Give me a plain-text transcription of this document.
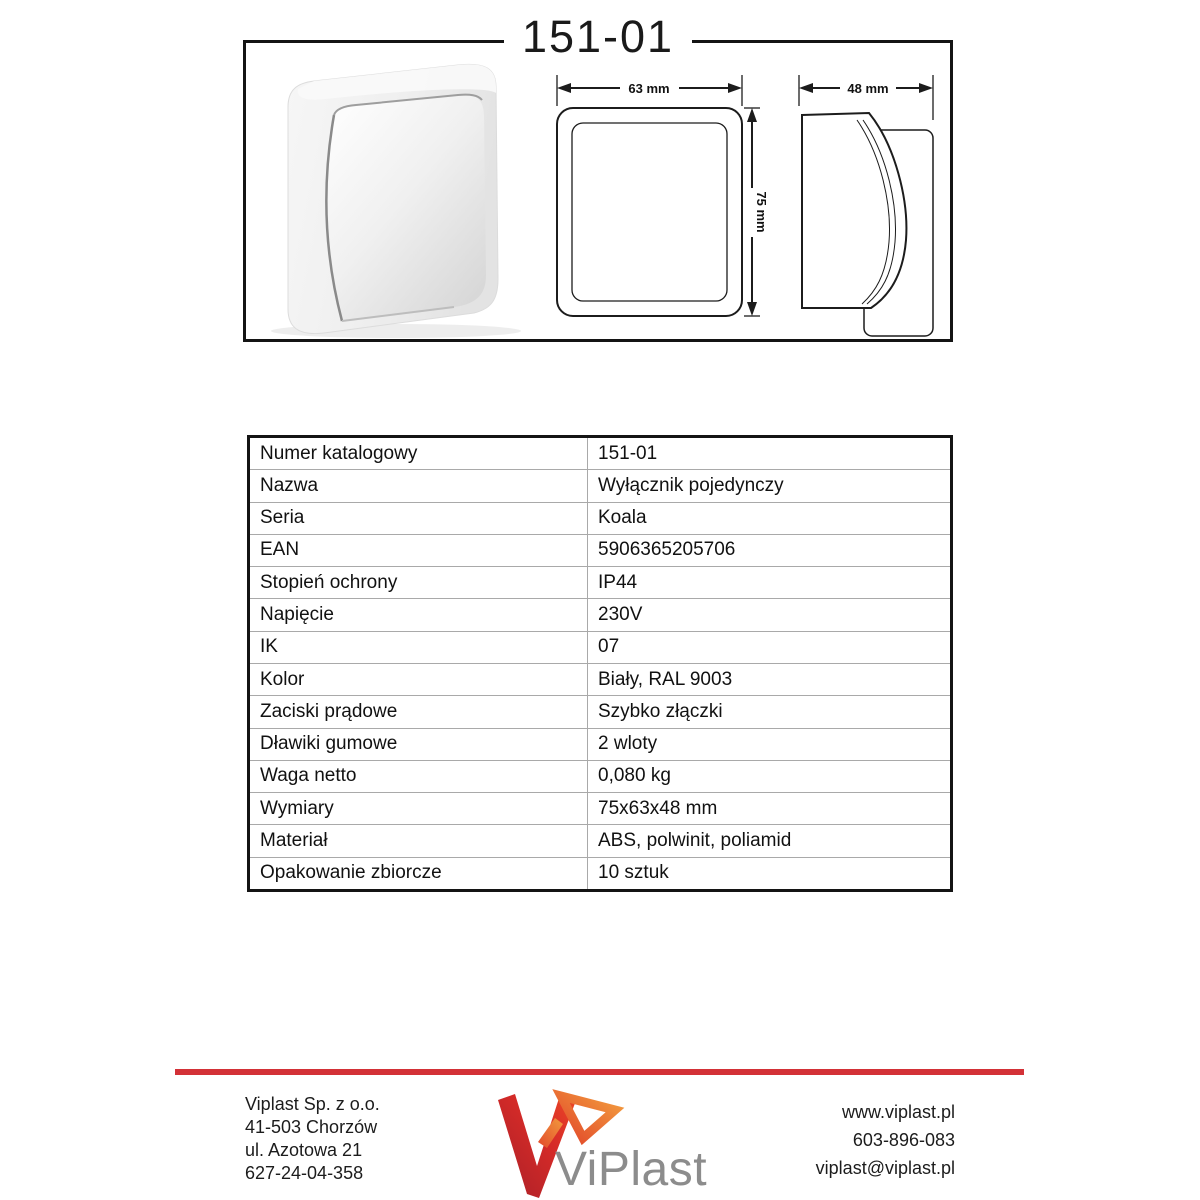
151-01
63 mm
75 mm
48 mm
Numer katalogowy	151-01
Nazwa	Wyłącznik pojedynczy
Seria	Koala
EAN	5906365205706
Stopień ochrony	IP44
Napięcie	230V
IK	07
Kolor	Biały, RAL 9003
Zaciski prądowe	Szybko złączki
Dławiki gumowe	2 wloty
Waga netto	0,080 kg
Wymiary	75x63x48 mm
Materiał	ABS, polwinit, poliamid
Opakowanie zbiorcze	10 sztuk
Viplast Sp. z o.o.
41-503 Chorzów
ul. Azotowa 21
627-24-04-358	ViPlast
www.viplast.pl
603-896-083
viplast@viplast.pl
